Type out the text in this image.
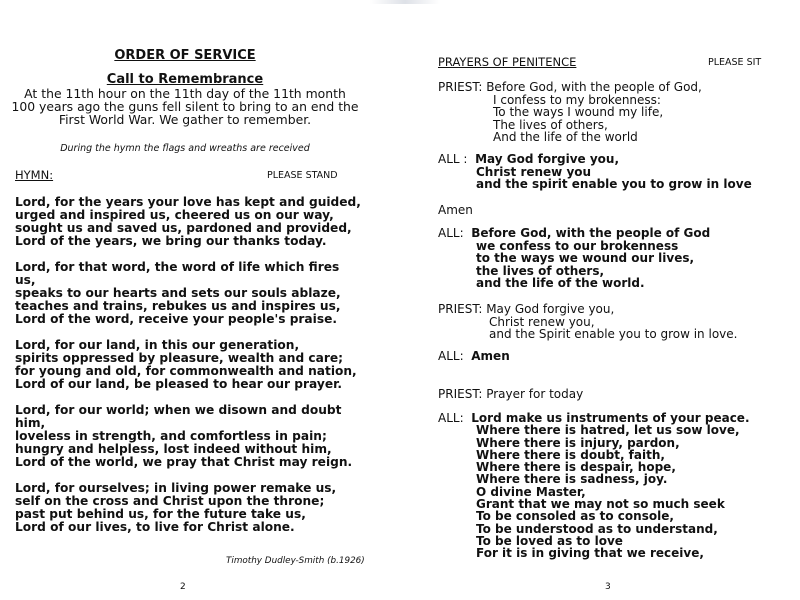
ORDER OF SERVICE
Call to Remembrance
At the 11th hour on the 11th day of the 11th month
100 years ago the guns fell silent to bring to an end the
First World War. We gather to remember.
During the hymn the flags and wreaths are received
HYMN:	PLEASE STAND
Lord, for the years your love has kept and guided,
urged and inspired us, cheered us on our way,
sought us and saved us, pardoned and provided,
Lord of the years, we bring our thanks today.
Lord, for that word, the word of life which fires
us,
speaks to our hearts and sets our souls ablaze,
teaches and trains, rebukes us and inspires us,
Lord of the word, receive your people's praise.
Lord, for our land, in this our generation,
spirits oppressed by pleasure, wealth and care;
for young and old, for commonwealth and nation,
Lord of our land, be pleased to hear our prayer.
Lord, for our world; when we disown and doubt
him,
loveless in strength, and comfortless in pain;
hungry and helpless, lost indeed without him,
Lord of the world, we pray that Christ may reign.
Lord, for ourselves; in living power remake us,
self on the cross and Christ upon the throne;
past put behind us, for the future take us,
Lord of our lives, to live for Christ alone.
Timothy Dudley-Smith (b.1926)
2
PRAYERS OF PENITENCE	PLEASE SIT
PRIEST: Before God, with the people of God,
I confess to my brokenness:
To the ways I wound my life,
The lives of others,
And the life of the world
ALL : May God forgive you,
Christ renew you
and the spirit enable you to grow in love
Amen
ALL: Before God, with the people of God
we confess to our brokenness
to the ways we wound our lives,
the lives of others,
and the life of the world.
PRIEST: May God forgive you,
Christ renew you,
and the Spirit enable you to grow in love.
ALL: Amen
PRIEST: Prayer for today
ALL: Lord make us instruments of your peace.
Where there is hatred, let us sow love,
Where there is injury, pardon,
Where there is doubt, faith,
Where there is despair, hope,
Where there is sadness, joy.
O divine Master,
Grant that we may not so much seek
To be consoled as to console,
To be understood as to understand,
To be loved as to love
For it is in giving that we receive,
3
